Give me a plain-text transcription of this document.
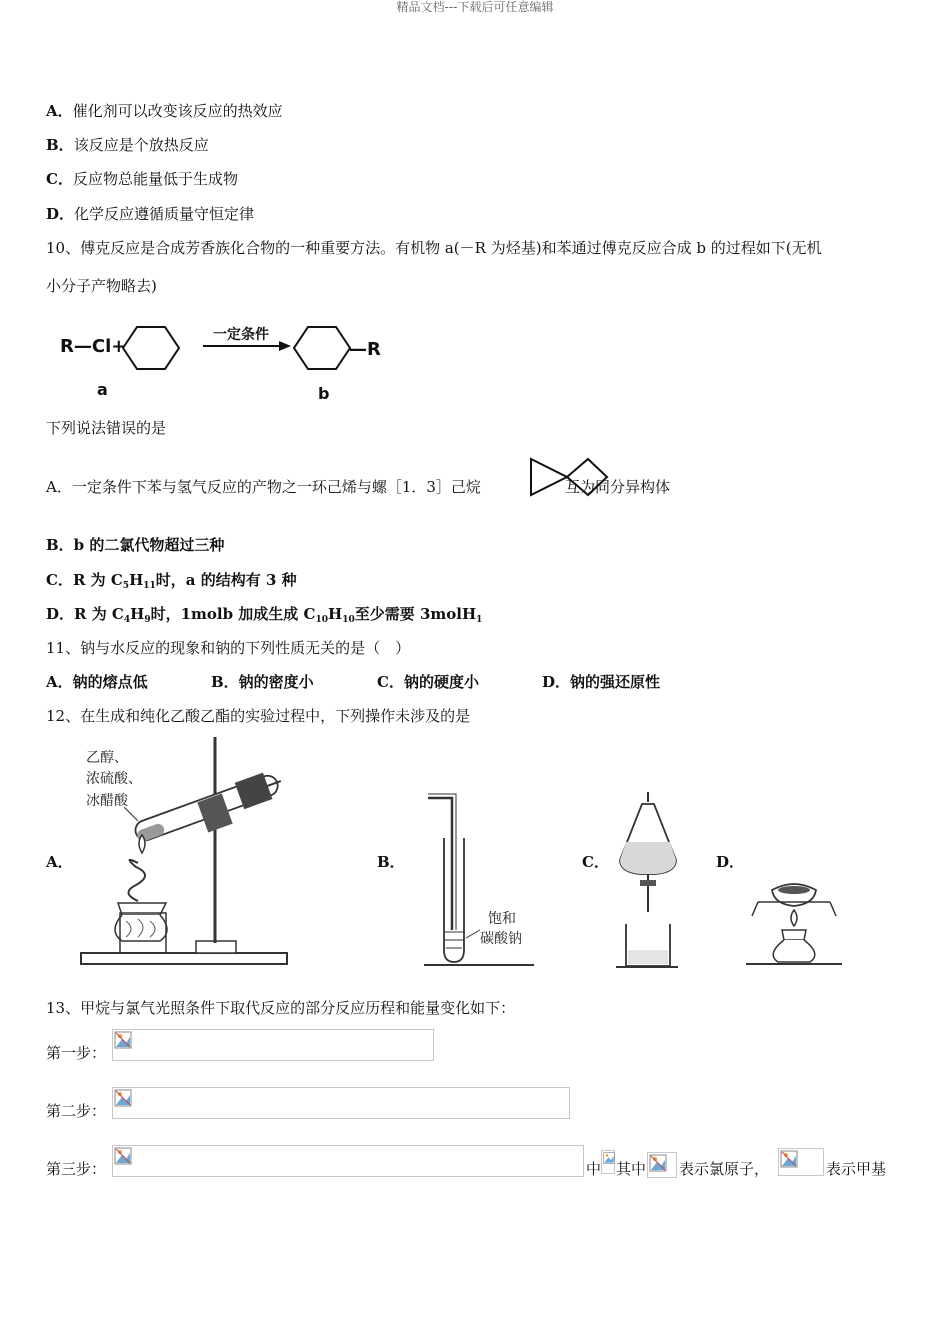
精品文档---下载后可任意编辑
A．催化剂可以改变该反应的热效应
B．该反应是个放热反应
C．反应物总能量低于生成物
D．化学反应遵循质量守恒定律
10、傅克反应是合成芳香族化合物的一种重要方法。有机物 a(－R 为烃基)和苯通过傅克反应合成 b 的过程如下(无机
小分子产物略去)
R—Cl+
一定条件
—R
a	b
下列说法错误的是
A．一定条件下苯与氢气反应的产物之一环己烯与螺［1．3］己烷	互为同分异构体
B．b 的二氯代物超过三种
C．R 为 $C_5H_{11}$时，a 的结构有 3 种
D．R 为 $C_4H_9$时，1molb 加成生成 $C_{10}H_{10}$至少需要 3molH$_1$
11、钠与水反应的现象和钠的下列性质无关的是（　）
A．钠的熔点低	B．钠的密度小	C．钠的硬度小	D．钠的强还原性
12、在生成和纯化乙酸乙酯的实验过程中，下列操作未涉及的是
A．	B．	C．	D．
乙醇、
浓硫酸、
冰醋酸
饱和
碳酸钠
13、甲烷与氯气光照条件下取代反应的部分反应历程和能量变化如下：
第一步：
第二步：
第三步：	中 其中 表示氯原子，	表示甲基
